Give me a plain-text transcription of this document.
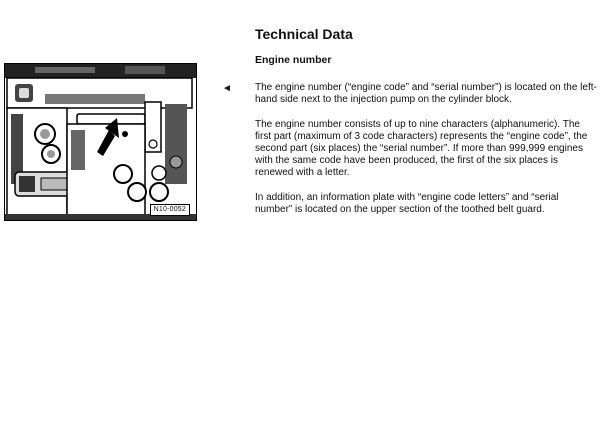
N10-0052
◄
Technical Data
Engine number

The engine number (“engine code” and “serial number”) is located on the left-hand side next to the injection pump on the cylinder block.

The engine number consists of up to nine characters (alphanumeric). The first part (maximum of 3 code characters) represents the “engine code”, the second part (six places) the “serial number”. If more than 999,999 engines with the same code have been produced, the first of the six places is renewed with a letter.

In addition, an information plate with “engine code letters” and “serial number” is located on the upper section of the toothed belt guard.
